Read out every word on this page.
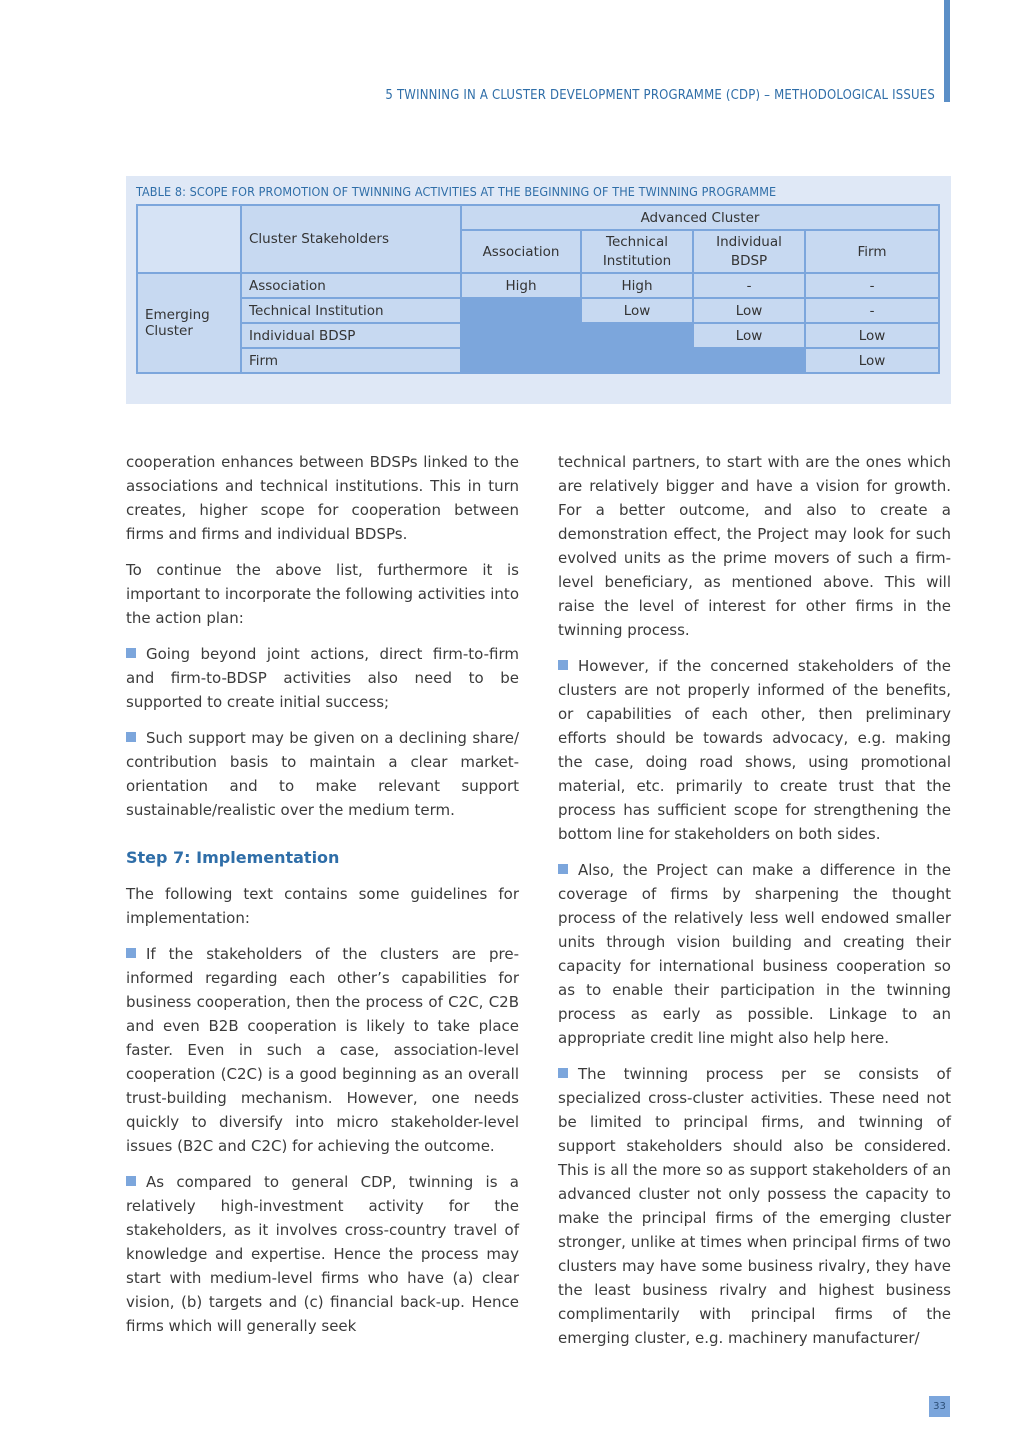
5 TWINNING IN A CLUSTER DEVELOPMENT PROGRAMME (CDP) – METHODOLOGICAL ISSUES
TABLE 8: SCOPE FOR PROMOTION OF TWINNING ACTIVITIES AT THE BEGINNING OF THE TWINNING PROGRAMME
	Cluster Stakeholders	Advanced Cluster			
		Association	Technical Institution	Individual BDSP	Firm
Emerging Cluster	Association	High	High	-	-
	Technical Institution		Low	Low	-
	Individual BDSP			Low	Low
	Firm				Low

cooperation enhances between BDSPs linked to the associations and technical institutions. This in turn creates, higher scope for cooperation between firms and firms and individual BDSPs.

To continue the above list, furthermore it is important to incorporate the following activities into the action plan:

Going beyond joint actions, direct firm-to-firm and firm-to-BDSP activities also need to be supported to create initial success;

Such support may be given on a declining share/ contribution basis to maintain a clear market-orientation and to make relevant support sustainable/realistic over the medium term.

Step 7: Implementation

The following text contains some guidelines for implementation:

If the stakeholders of the clusters are pre-informed regarding each other’s capabilities for business cooperation, then the process of C2C, C2B and even B2B cooperation is likely to take place faster. Even in such a case, association-level cooperation (C2C) is a good beginning as an overall trust-building mechanism. However, one needs quickly to diversify into micro stakeholder-level issues (B2C and C2C) for achieving the outcome.

As compared to general CDP, twinning is a relatively high-investment activity for the stakeholders, as it involves cross-country travel of knowledge and expertise. Hence the process may start with medium-level firms who have (a) clear vision, (b) targets and (c) financial back-up. Hence firms which will generally seek

technical partners, to start with are the ones which are relatively bigger and have a vision for growth. For a better outcome, and also to create a demonstration effect, the Project may look for such evolved units as the prime movers of such a firm-level beneficiary, as mentioned above. This will raise the level of interest for other firms in the twinning process.

However, if the concerned stakeholders of the clusters are not properly informed of the benefits, or capabilities of each other, then preliminary efforts should be towards advocacy, e.g. making the case, doing road shows, using promotional material, etc. primarily to create trust that the process has sufficient scope for strengthening the bottom line for stakeholders on both sides.

Also, the Project can make a difference in the coverage of firms by sharpening the thought process of the relatively less well endowed smaller units through vision building and creating their capacity for international business cooperation so as to enable their participation in the twinning process as early as possible. Linkage to an appropriate credit line might also help here.

The twinning process per se consists of specialized cross-cluster activities. These need not be limited to principal firms, and twinning of support stakeholders should also be considered. This is all the more so as support stakeholders of an advanced cluster not only possess the capacity to make the principal firms of the emerging cluster stronger, unlike at times when principal firms of two clusters may have some business rivalry, they have the least business rivalry and highest business complimentarily with principal firms of the emerging cluster, e.g. machinery manufacturer/

33
